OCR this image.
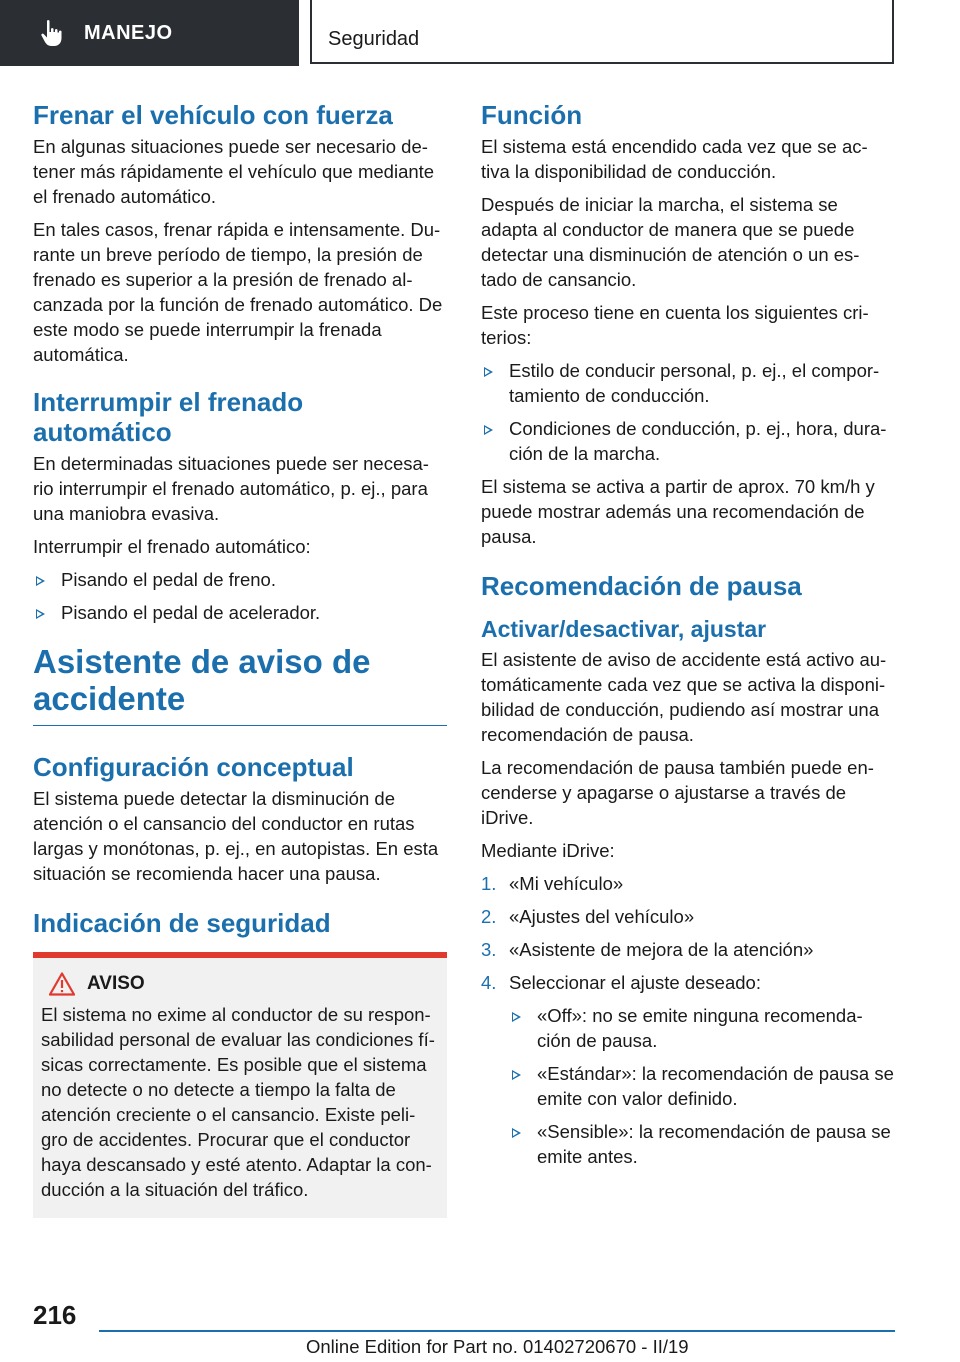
MANEJO	Seguridad
Frenar el vehículo con fuerza

En algunas situaciones puede ser necesario de- tener más rápidamente el vehículo que mediante el frenado automático.

En tales casos, frenar rápida e intensamente. Du- rante un breve período de tiempo, la presión de frenado es superior a la presión de frenado al- canzada por la función de frenado automático. De este modo se puede interrumpir la frenada automática.

Interrumpir el frenado automático

En determinadas situaciones puede ser necesa- rio interrumpir el frenado automático, p. ej., para una maniobra evasiva.

Interrumpir el frenado automático:

Pisando el pedal de freno.
Pisando el pedal de acelerador.
Asistente de aviso de accidente
Configuración conceptual

El sistema puede detectar la disminución de atención o el cansancio del conductor en rutas largas y monótonas, p. ej., en autopistas. En esta situación se recomienda hacer una pausa.

Indicación de seguridad
AVISO

El sistema no exime al conductor de su respon- sabilidad personal de evaluar las condiciones fí- sicas correctamente. Es posible que el sistema no detecte o no detecte a tiempo la falta de atención creciente o el cansancio. Existe peli- gro de accidentes. Procurar que el conductor haya descansado y esté atento. Adaptar la con- ducción a la situación del tráfico.

Función

El sistema está encendido cada vez que se ac- tiva la disponibilidad de conducción.

Después de iniciar la marcha, el sistema se adapta al conductor de manera que se puede detectar una disminución de atención o un es- tado de cansancio.

Este proceso tiene en cuenta los siguientes cri- terios:

Estilo de conducir personal, p. ej., el compor- tamiento de conducción.
Condiciones de conducción, p. ej., hora, dura- ción de la marcha.

El sistema se activa a partir de aprox. 70 km/h y puede mostrar además una recomendación de pausa.

Recomendación de pausa
Activar/desactivar, ajustar

El asistente de aviso de accidente está activo au- tomáticamente cada vez que se activa la disponi- bilidad de conducción, pudiendo así mostrar una recomendación de pausa.

La recomendación de pausa también puede en- cenderse y apagarse o ajustarse a través de iDrive.

Mediante iDrive:

1. «Mi vehículo»
2. «Ajustes del vehículo»
3. «Asistente de mejora de la atención»
4. Seleccionar el ajuste deseado:
«Off»: no se emite ninguna recomenda- ción de pausa.
«Estándar»: la recomendación de pausa se emite con valor definido.
«Sensible»: la recomendación de pausa se emite antes.
216
Online Edition for Part no. 01402720670 - II/19
